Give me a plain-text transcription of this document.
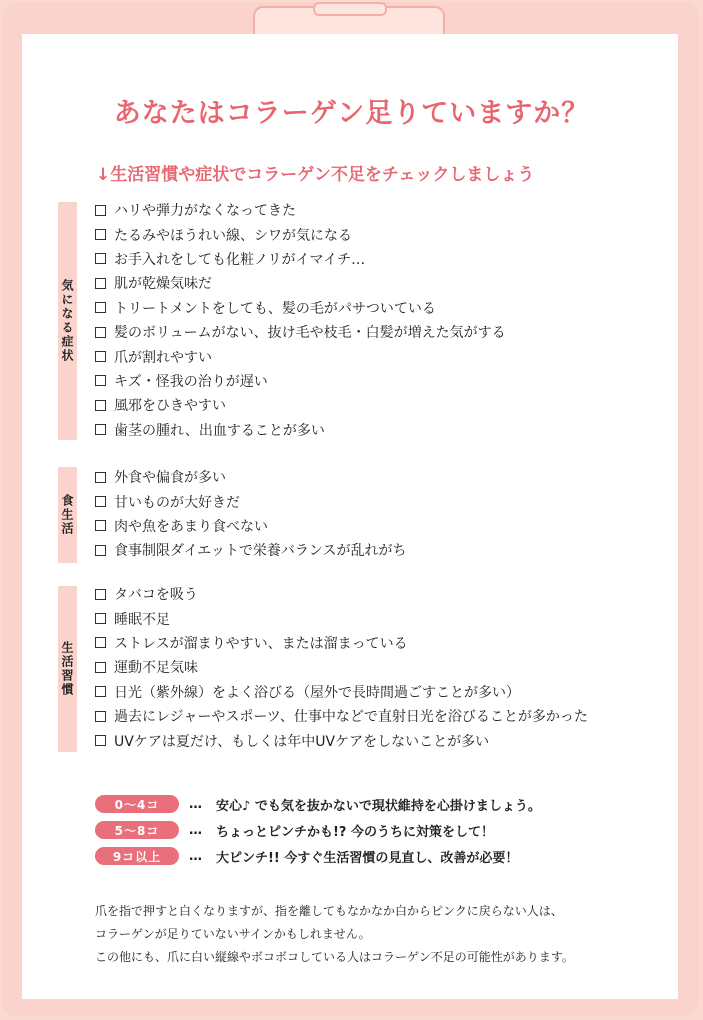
あなたはコラーゲン足りていますか？

↓生活習慣や症状でコラーゲン不足をチェックしましょう

気になる症状
ハリや弾力がなくなってきた
たるみやほうれい線、シワが気になる
お手入れをしても化粧ノリがイマイチ…
肌が乾燥気味だ
トリートメントをしても、髪の毛がパサついている
髪のボリュームがない、抜け毛や枝毛・白髪が増えた気がする
爪が割れやすい
キズ・怪我の治りが遅い
風邪をひきやすい
歯茎の腫れ、出血することが多い
食生活
外食や偏食が多い
甘いものが大好きだ
肉や魚をあまり食べない
食事制限ダイエットで栄養バランスが乱れがち
生活習慣
タバコを吸う
睡眠不足
ストレスが溜まりやすい、または溜まっている
運動不足気味
日光（紫外線）をよく浴びる（屋外で長時間過ごすことが多い）
過去にレジャーやスポーツ、仕事中などで直射日光を浴びることが多かった
UVケアは夏だけ、もしくは年中UVケアをしないことが多い
0～4コ	… 安心♪ でも気を抜かないで現状維持を心掛けましょう。
5～8コ	… ちょっとピンチかも!? 今のうちに対策をして！
9コ以上	… 大ピンチ!! 今すぐ生活習慣の見直し、改善が必要！

爪を指で押すと白くなりますが、指を離してもなかなか白からピンクに戻らない人は、

コラーゲンが足りていないサインかもしれません。

この他にも、爪に白い縦線やボコボコしている人はコラーゲン不足の可能性があります。
